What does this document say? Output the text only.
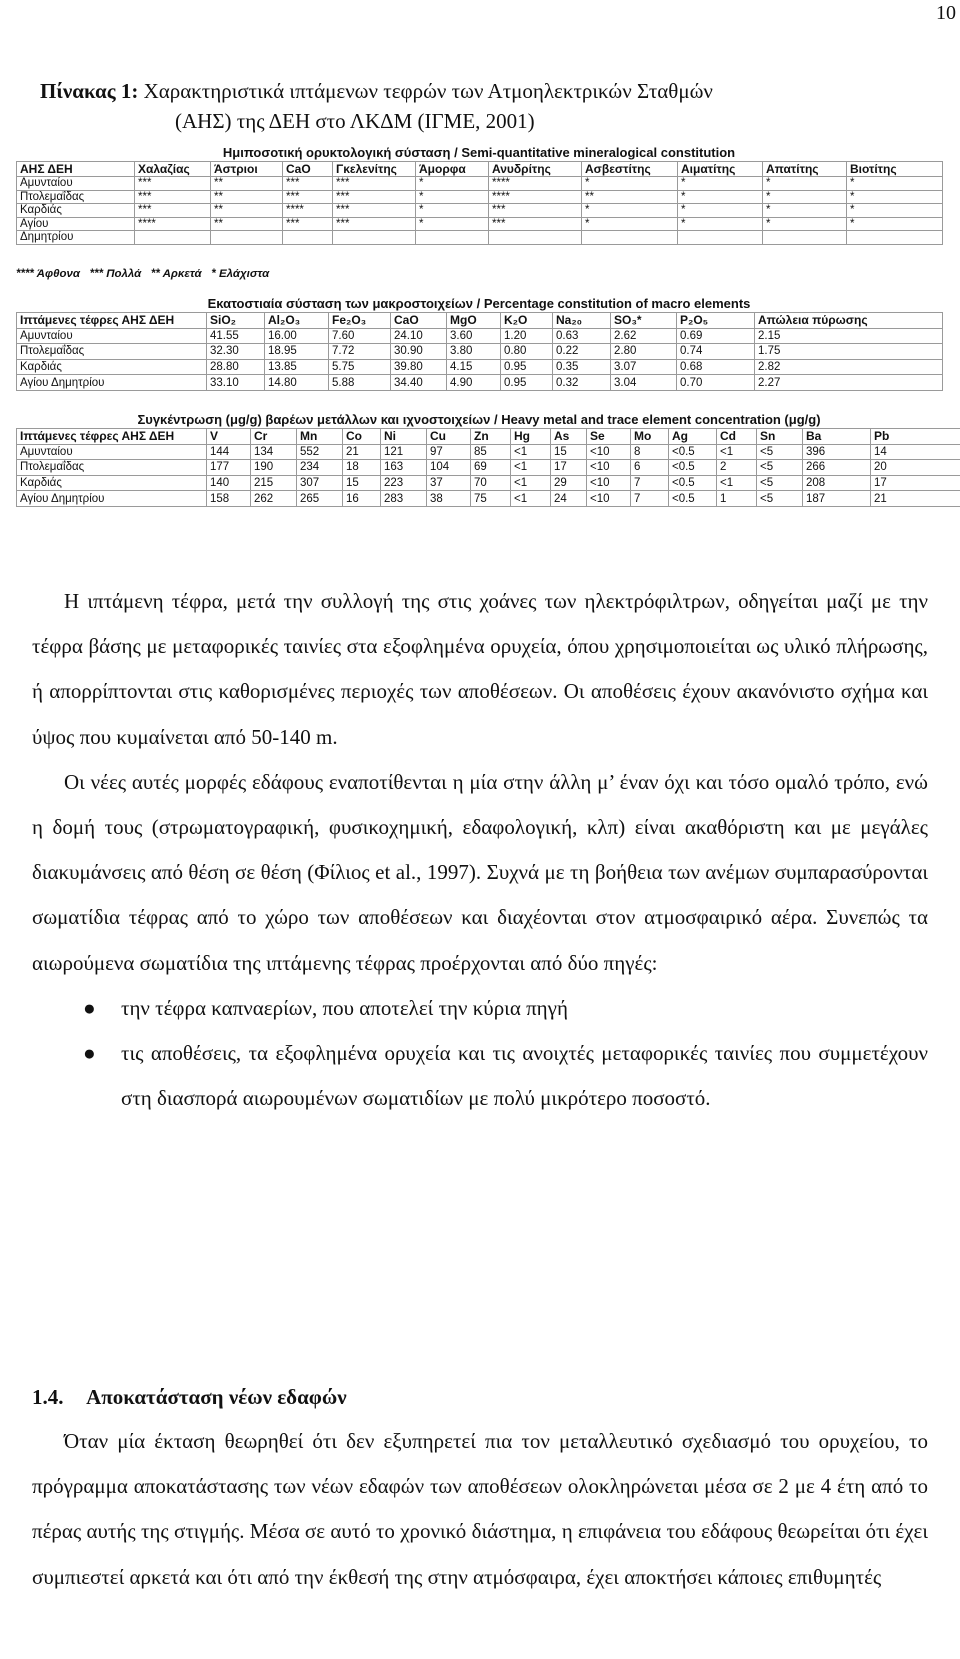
10
Πίνακας 1: Χαρακτηριστικά ιπτάμενων τεφρών των Ατμοηλεκτρικών Σταθμών
(ΑΗΣ) της ΔΕΗ στο ΛΚΔΜ (ΙΓΜΕ, 2001)
Ημιποσοτική ορυκτολογική σύσταση / Semi-quantitative mineralogical constitution
ΑΗΣ ΔΕΗ	Χαλαζίας	Άστριοι	CaO	Γκελενίτης	Άμορφα	Ανυδρίτης	Ασβεστίτης	Αιματίτης	Απατίτης	Βιοτίτης
Αμυνταίου	***	**	***	***	*	****	*	*	*	*
Πτολεμαΐδας	***	**	***	***	*	****	**	*	*	*
Καρδιάς	***	**	****	***	*	***	*	*	*	*
Αγίου	****	**	***	***	*	***	*	*	*	*
Δημητρίου										
**** Άφθονα   *** Πολλά   ** Αρκετά   * Ελάχιστα
Εκατοστιαία σύσταση των μακροστοιχείων / Percentage constitution of macro elements
Ιπτάμενες τέφρες ΑΗΣ ΔΕΗ	SiO₂	Al₂O₃	Fe₂O₃	CaO	MgO	K₂O	Na₂₀	SO₃*	P₂O₅	Απώλεια πύρωσης
Αμυνταίου	41.55	16.00	7.60	24.10	3.60	1.20	0.63	2.62	0.69	2.15
Πτολεμαΐδας	32.30	18.95	7.72	30.90	3.80	0.80	0.22	2.80	0.74	1.75
Καρδιάς	28.80	13.85	5.75	39.80	4.15	0.95	0.35	3.07	0.68	2.82
Αγίου Δημητρίου	33.10	14.80	5.88	34.40	4.90	0.95	0.32	3.04	0.70	2.27
Συγκέντρωση (μg/g) βαρέων μετάλλων και ιχνοστοιχείων / Heavy metal and trace element concentration (μg/g)
Ιπτάμενες τέφρες ΑΗΣ ΔΕΗ	V	Cr	Mn	Co	Ni	Cu	Zn	Hg	As	Se	Mo	Ag	Cd	Sn	Ba	Pb
Αμυνταίου	144	134	552	21	121	97	85	<1	15	<10	8	<0.5	<1	<5	396	14
Πτολεμαΐδας	177	190	234	18	163	104	69	<1	17	<10	6	<0.5	2	<5	266	20
Καρδιάς	140	215	307	15	223	37	70	<1	29	<10	7	<0.5	<1	<5	208	17
Αγίου Δημητρίου	158	262	265	16	283	38	75	<1	24	<10	7	<0.5	1	<5	187	21

Η ιπτάμενη τέφρα, μετά την συλλογή της στις χοάνες των ηλεκτρόφιλτρων, οδηγείται μαζί με την τέφρα βάσης με μεταφορικές ταινίες στα εξοφλημένα ορυχεία, όπου χρησιμοποιείται ως υλικό πλήρωσης, ή απορρίπτονται στις καθορισμένες περιοχές των αποθέσεων. Οι αποθέσεις έχουν ακανόνιστο σχήμα και ύψος που κυμαίνεται από 50-140 m.

Οι νέες αυτές μορφές εδάφους εναποτίθενται η μία στην άλλη μ’ έναν όχι και τόσο ομαλό τρόπο, ενώ η δομή τους (στρωματογραφική, φυσικοχημική, εδαφολογική, κλπ) είναι ακαθόριστη και με μεγάλες διακυμάνσεις από θέση σε θέση (Φίλιος et al., 1997). Συχνά με τη βοήθεια των ανέμων συμπαρασύρονται σωματίδια τέφρας από το χώρο των αποθέσεων και διαχέονται στον ατμοσφαιρικό αέρα. Συνεπώς τα αιωρούμενα σωματίδια της ιπτάμενης τέφρας προέρχονται από δύο πηγές:

● την τέφρα καπναερίων, που αποτελεί την κύρια πηγή
● τις αποθέσεις, τα εξοφλημένα ορυχεία και τις ανοιχτές μεταφορικές ταινίες που συμμετέχουν στη διασπορά αιωρουμένων σωματιδίων με πολύ μικρότερο ποσοστό.
1.4. Αποκατάσταση νέων εδαφών

Όταν μία έκταση θεωρηθεί ότι δεν εξυπηρετεί πια τον μεταλλευτικό σχεδιασμό του ορυχείου, το πρόγραμμα αποκατάστασης των νέων εδαφών των αποθέσεων ολοκληρώνεται μέσα σε 2 με 4 έτη από το πέρας αυτής της στιγμής. Μέσα σε αυτό το χρονικό διάστημα, η επιφάνεια του εδάφους θεωρείται ότι έχει συμπιεστεί αρκετά και ότι από την έκθεσή της στην ατμόσφαιρα, έχει αποκτήσει κάποιες επιθυμητές
